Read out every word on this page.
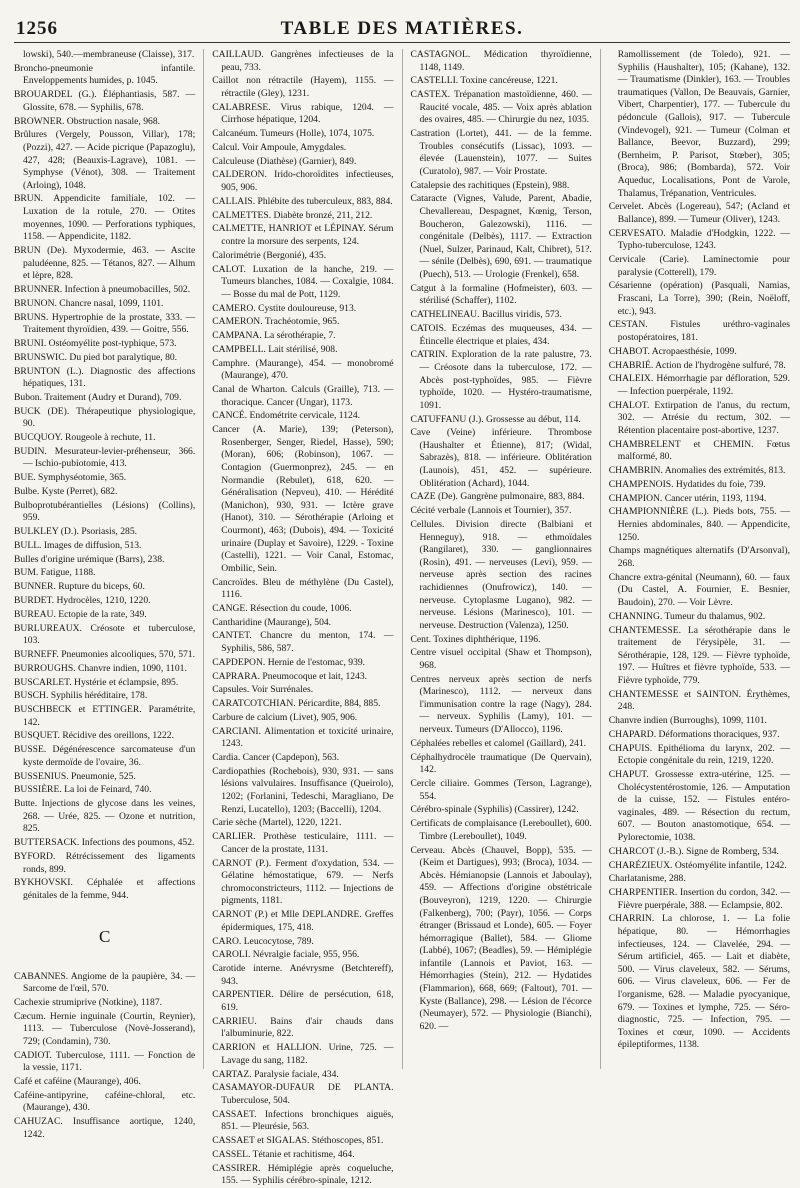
1256	TABLE DES MATIÈRES.

lowski), 540.—membraneuse (Claisse), 317.

Broncho-pneumonie infantile. Enveloppements humides, p. 1045.

BROUARDEL (G.). Éléphantiasis, 587. — Glossite, 678. — Syphilis, 678.

BROWNER. Obstruction nasale, 968.

Brûlures (Vergely, Pousson, Villar), 178; (Pozzi), 427. — Acide picrique (Papazoglu), 427, 428; (Beauxis-Lagrave), 1081. — Symphyse (Vénot), 308. — Traitement (Arloing), 1048.

BRUN. Appendicite familiale, 102. — Luxation de la rotule, 270. — Otites moyennes, 1090. — Perforations typhiques, 1158. — Appendicite, 1182.

BRUN (De). Myxodermie, 463. — Ascite paludéenne, 825. — Tétanos, 827. — Alhum et lèpre, 828.

BRUNNER. Infection à pneumobacilles, 502.

BRUNON. Chancre nasal, 1099, 1101.

BRUNS. Hypertrophie de la prostate, 333. — Traitement thyroïdien, 439. — Goitre, 556.

BRUNI. Ostéomyélite post-typhique, 573.

BRUNSWIC. Du pied bot paralytique, 80.

BRUNTON (L.). Diagnostic des affections hépatiques, 131.

Bubon. Traitement (Audry et Durand), 709.

BUCK (DE). Thérapeutique physiologique, 90.

BUCQUOY. Rougeole à rechute, 11.

BUDIN. Mesurateur-levier-préhenseur, 366. — Ischio-pubiotomie, 413.

BUE. Symphyséotomie, 365.

Bulbe. Kyste (Perret), 682.

Bulboprotubérantielles (Lésions) (Collins), 959.

BULKLEY (D.). Psoriasis, 285.

BULL. Images de diffusion, 513.

Bulles d'origine urémique (Barrs), 238.

BUM. Fatigue, 1188.

BUNNER. Rupture du biceps, 60.

BURDET. Hydrocèles, 1210, 1220.

BUREAU. Ectopie de la rate, 349.

BURLUREAUX. Créosote et tuberculose, 103.

BURNEFF. Pneumonies alcooliques, 570, 571.

BURROUGHS. Chanvre indien, 1090, 1101.

BUSCARLET. Hystérie et éclampsie, 895.

BUSCH. Syphilis héréditaire, 178.

BUSCHBECK et ETTINGER. Paramétrite, 142.

BUSQUET. Récidive des oreillons, 1222.

BUSSE. Dégénérescence sarcomateuse d'un kyste dermoïde de l'ovaire, 36.

BUSSENIUS. Pneumonie, 525.

BUSSIÈRE. La loi de Feinard, 740.

Butte. Injections de glycose dans les veines, 268. — Urée, 825. — Ozone et nutrition, 825.

BUTTERSACK. Infections des poumons, 452.

BYFORD. Rétrécissement des ligaments ronds, 899.

BYKHOVSKI. Céphalée et affections génitales de la femme, 944.

C

CABANNES. Angiome de la paupière, 34. — Sarcome de l'œil, 570.

Cachexie strumiprive (Notkine), 1187.

Cæcum. Hernie inguinale (Courtin, Reynier), 1113. — Tuberculose (Novè-Josserand), 729; (Condamin), 730.

CADIOT. Tuberculose, 1111. — Fonction de la vessie, 1171.

Café et caféine (Maurange), 406.

Caféine-antipyrine, caféine-chloral, etc. (Maurange), 430.

CAHUZAC. Insuffisance aortique, 1240, 1242.

CAILLAUD. Gangrènes infectieuses de la peau, 733.

Caillot non rétractile (Hayem), 1155. — rétractile (Gley), 1231.

CALABRESE. Virus rabique, 1204. — Cirrhose hépatique, 1204.

Calcanéum. Tumeurs (Holle), 1074, 1075.

Calcul. Voir Ampoule, Amygdales.

Calculeuse (Diathèse) (Garnier), 849.

CALDERON. Irido-choroïdites infectieuses, 905, 906.

CALLAIS. Phlébite des tuberculeux, 883, 884.

CALMETTES. Diabète bronzé, 211, 212.

CALMETTE, HANRIOT et LÉPINAY. Sérum contre la morsure des serpents, 124.

Calorimétrie (Bergonié), 435.

CALOT. Luxation de la hanche, 219. — Tumeurs blanches, 1084. — Coxalgie, 1084. — Bosse du mal de Pott, 1129.

CAMERO. Cystite douloureuse, 913.

CAMERON. Trachéotomie, 965.

CAMPANA. La sérothérapie, 7.

CAMPBELL. Lait stérilisé, 908.

Camphre. (Maurange), 454. — monobromé (Maurange), 470.

Canal de Wharton. Calculs (Graille), 713. — thoracique. Cancer (Ungar), 1173.

CANCÉ. Endométrite cervicale, 1124.

Cancer (A. Marie), 139; (Peterson), Rosenberger, Senger, Riedel, Hasse), 590; (Moran), 606; (Robinson), 1067. — Contagion (Guermonprez), 245. — en Normandie (Rebulet), 618, 620. — Généralisation (Nepveu), 410. — Hérédité (Manichon), 930, 931. — Ictère grave (Hanot), 310. — Sérothérapie (Arloing et Courmont), 463; (Dubois), 494. — Toxicité urinaire (Duplay et Savoire), 1229. - Toxine (Castelli), 1221. — Voir Canal, Estomac, Ombilic, Sein.

Cancroïdes. Bleu de méthylène (Du Castel), 1116.

CANGE. Résection du coude, 1006.

Cantharidine (Maurange), 504.

CANTET. Chancre du menton, 174. — Syphilis, 586, 587.

CAPDEPON. Hernie de l'estomac, 939.

CAPRARA. Pneumocoque et lait, 1243.

Capsules. Voir Surrénales.

CARATCOTCHIAN. Péricardite, 884, 885.

Carbure de calcium (Livet), 905, 906.

CARCIANI. Alimentation et toxicité urinaire, 1243.

Cardia. Cancer (Capdepon), 563.

Cardiopathies (Rochebois), 930, 931. — sans lésions valvulaires. Insuffisance (Queirolo), 1202; (Forlanini, Tedeschi, Maragliano, De Renzi, Lucatello), 1203; (Baccelli), 1204.

Carie sèche (Martel), 1220, 1221.

CARLIER. Prothèse testiculaire, 1111. — Cancer de la prostate, 1131.

CARNOT (P.). Ferment d'oxydation, 534. — Gélatine hémostatique, 679. — Nerfs chromoconstricteurs, 1112. — Injections de pigments, 1181.

CARNOT (P.) et Mlle DEPLANDRE. Greffes épidermiques, 175, 418.

CARO. Leucocytose, 789.

CAROLI. Névralgie faciale, 955, 956.

Carotide interne. Anévrysme (Betchtereff), 943.

CARPENTIER. Délire de persécution, 618, 619.

CARRIEU. Bains d'air chauds dans l'albuminurie, 822.

CARRION et HALLION. Urine, 725. — Lavage du sang, 1182.

CARTAZ. Paralysie faciale, 434.

CASAMAYOR-DUFAUR DE PLANTA. Tuberculose, 504.

CASSAET. Infections bronchiques aiguës, 851. — Pleurésie, 563.

CASSAET et SIGALAS. Stéthoscopes, 851.

CASSEL. Tétanie et rachitisme, 464.

CASSIRER. Hémiplégie après coqueluche, 155. — Syphilis cérébro-spinale, 1212.

CASTAGNOL. Médication thyroïdienne, 1148, 1149.

CASTELLI. Toxine cancéreuse, 1221.

CASTEX. Trépanation mastoïdienne, 460. — Raucité vocale, 485. — Voix après ablation des ovaires, 485. — Chirurgie du nez, 1035.

Castration (Lortet), 441. — de la femme. Troubles consécutifs (Lissac), 1093. — élevée (Lauenstein), 1077. — Suites (Curatolo), 987. — Voir Prostate.

Catalepsie des rachitiques (Epstein), 988.

Cataracte (Vignes, Valude, Parent, Abadie, Chevallereau, Despagnet, Kœnig, Terson, Boucheron, Galezowski), 1116. — congénitale (Delbès), 1117. — Extraction (Nuel, Sulzer, Parinaud, Kalt, Chibret), 51?. — sénile (Delbès), 690, 691. — traumatique (Puech), 513. — Urologie (Frenkel), 658.

Catgut à la formaline (Hofmeister), 603. — stérilisé (Schaffer), 1102.

CATHELINEAU. Bacillus viridis, 573.

CATOIS. Eczémas des muqueuses, 434. — Étincelle électrique et plaies, 434.

CATRIN. Exploration de la rate palustre, 73. — Créosote dans la tuberculose, 172. — Abcès post-typhoïdes, 985. — Fièvre typhoïde, 1020. — Hystéro-traumatisme, 1091.

CATUFFANU (J.). Grossesse au début, 114.

Cave (Veine) inférieure. Thrombose (Haushalter et Étienne), 817; (Widal, Sabrazès), 818. — inférieure. Oblitération (Launois), 451, 452. — supérieure. Oblitération (Achard), 1044.

CAZE (De). Gangrène pulmonaire, 883, 884.

Cécité verbale (Lannois et Tournier), 357.

Cellules. Division directe (Balbiani et Henneguy), 918. — ethmoïdales (Rangilaret), 330. — ganglionnaires (Rosin), 491. — nerveuses (Levi), 959. — nerveuse après section des racines rachidiennes (Onufrowicz), 140. — nerveuse. Cytoplasme Lugano), 982. — nerveuse. Lésions (Marinesco), 101. — nerveuse. Destruction (Valenza), 1250.

Cent. Toxines diphthérique, 1196.

Centre visuel occipital (Shaw et Thompson), 968.

Centres nerveux après section de nerfs (Marinesco), 1112. — nerveux dans l'immunisation contre la rage (Nagy), 284. — nerveux. Syphilis (Lamy), 101. — nerveux. Tumeurs (D'Allocco), 1196.

Céphalées rebelles et calomel (Gaillard), 241.

Céphalhydrocèle traumatique (De Quervain), 142.

Cercle ciliaire. Gommes (Terson, Lagrange), 554.

Cérébro-spinale (Syphilis) (Cassirer), 1242.

Certificats de complaisance (Lereboullet), 600. Timbre (Lereboullet), 1049.

Cerveau. Abcès (Chauvel, Bopp), 535. — (Keim et Dartigues), 993; (Broca), 1034. — Abcès. Hémianopsie (Lannois et Jaboulay), 459. — Affections d'origine obstétricale (Bouveyron), 1219, 1220. — Chirurgie (Falkenberg), 700; (Payr), 1056. — Corps étranger (Brissaud et Londe), 605. — Foyer hémorragique (Ballet), 584. — Gliome (Labbé), 1067; (Beadles), 59. — Hémiplégie infantile (Lannois et Paviot, 163. — Hémorrhagies (Stein), 212. — Hydatides (Flammarion), 668, 669; (Faltout), 701. — Kyste (Ballance), 298. — Lésion de l'écorce (Neumayer), 572. — Physiologie (Bianchi), 620. —

Ramollissement (de Toledo), 921. — Syphilis (Haushalter), 105; (Kahane), 132. — Traumatisme (Dinkler), 163. — Troubles traumatiques (Vallon, De Beauvais, Garnier, Vibert, Charpentier), 177. — Tubercule du pédoncule (Gallois), 917. — Tubercule (Vindevogel), 921. — Tumeur (Colman et Ballance, Beevor, Buzzard), 299; (Bernheim, P. Parisot, Stœber), 305; (Broca), 986; (Bombarda), 572. Voir Aqueduc, Localisations, Pont de Varole, Thalamus, Trépanation, Ventricules.

Cervelet. Abcès (Logereau), 547; (Acland et Ballance), 899. — Tumeur (Oliver), 1243.

CERVESATO. Maladie d'Hodgkin, 1222. — Typho-tuberculose, 1243.

Cervicale (Carie). Laminectomie pour paralysie (Cotterell), 179.

Césarienne (opération) (Pasquali, Namias, Frascani, La Torre), 390; (Rein, Noëloff, etc.), 943.

CESTAN. Fistules uréthro-vaginales postopératoires, 181.

CHABOT. Acropaesthésie, 1099.

CHABRIÉ. Action de l'hydrogène sulfuré, 78.

CHALEIX. Hémorrhagie par défloration, 529. — Infection puerpérale, 1192.

CHALOT. Extirpation de l'anus, du rectum, 302. — Atrésie du rectum, 302. — Rétention placentaire post-abortive, 1237.

CHAMBRELENT et CHEMIN. Fœtus malformé, 80.

CHAMBRIN. Anomalies des extrémités, 813.

CHAMPENOIS. Hydatides du foie, 739.

CHAMPION. Cancer utérin, 1193, 1194.

CHAMPIONNIÈRE (L.). Pieds bots, 755. — Hernies abdominales, 840. — Appendicite, 1250.

Champs magnétiques alternatifs (D'Arsonval), 268.

Chancre extra-génital (Neumann), 60. — faux (Du Castel, A. Fournier, E. Besnier, Baudoin), 270. — Voir Lèvre.

CHANNING. Tumeur du thalamus, 902.

CHANTEMESSE. La sérothérapie dans le traitement de l'érysipèle, 31. — Sérothérapie, 128, 129. — Fièvre typhoïde, 197. — Huîtres et fièvre typhoïde, 533. — Fièvre typhoïde, 779.

CHANTEMESSE et SAINTON. Érythèmes, 248.

Chanvre indien (Burroughs), 1099, 1101.

CHAPARD. Déformations thoraciques, 937.

CHAPUIS. Epithélioma du larynx, 202. — Ectopie congénitale du rein, 1219, 1220.

CHAPUT. Grossesse extra-utérine, 125. — Cholécystentérostomie, 126. — Amputation de la cuisse, 152. — Fistules entéro-vaginales, 489. — Résection du rectum, 607. — Bouton anastomotique, 654. — Pylorectomie, 1038.

CHARCOT (J.-B.). Signe de Romberg, 534.

CHARÉZIEUX. Ostéomyélite infantile, 1242.

Charlatanisme, 288.

CHARPENTIER. Insertion du cordon, 342. — Fièvre puerpérale, 388. — Eclampsie, 802.

CHARRIN. La chlorose, 1. — La folie hépatique, 80. — Hémorrhagies infectieuses, 124. — Clavelée, 294. — Sérum artificiel, 465. — Lait et diabète, 500. — Virus claveleux, 582. — Sérums, 606. — Virus claveleux, 606. — Fer de l'organisme, 628. — Maladie pyocyanique, 679. — Toxines et lymphe, 725. — Séro-diagnostic, 725. — Infection, 795. — Toxines et cœur, 1090. — Accidents épileptiformes, 1138.
